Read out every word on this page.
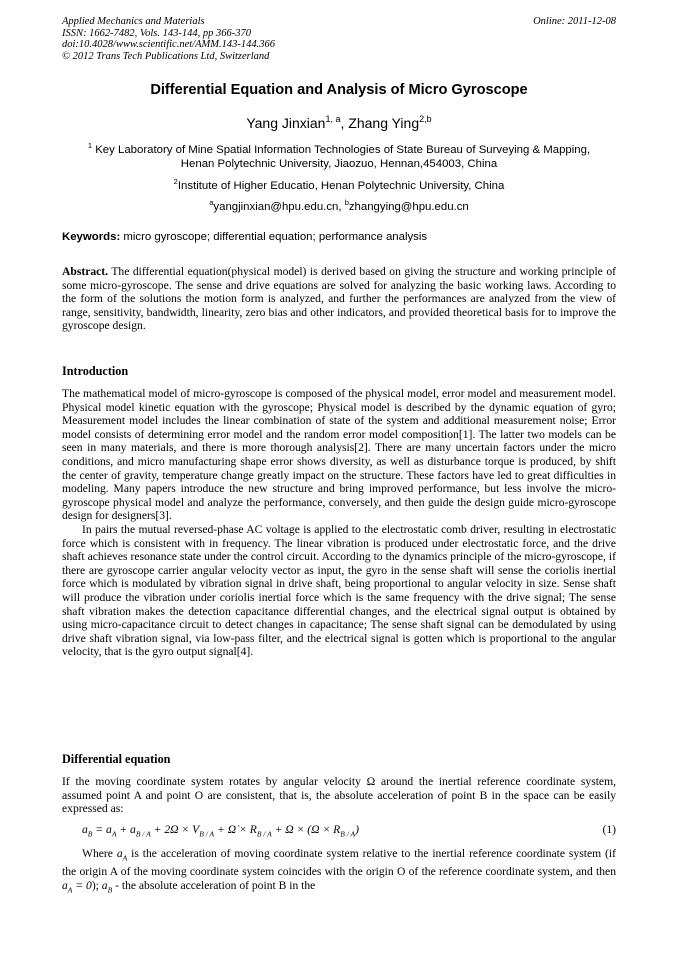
Applied Mechanics and Materials
ISSN: 1662-7482, Vols. 143-144, pp 366-370
doi:10.4028/www.scientific.net/AMM.143-144.366
© 2012 Trans Tech Publications Ltd, Switzerland
Online: 2011-12-08
Differential Equation and Analysis of Micro Gyroscope
Yang Jinxian$^{1, a}$, Zhang Ying$^{2,b}$
$^1$ Key Laboratory of Mine Spatial Information Technologies of State Bureau of Surveying & Mapping,
Henan Polytechnic University, Jiaozuo, Hennan,454003, China
$^2$Institute of Higher Educatio, Henan Polytechnic University, China
$^a$yangjinxian@hpu.edu.cn, $^b$zhangying@hpu.edu.cn
Keywords: micro gyroscope; differential equation; performance analysis

Abstract. The differential equation(physical model) is derived based on giving the structure and working principle of some micro-gyroscope. The sense and drive equations are solved for analyzing the basic working laws. According to the form of the solutions the motion form is analyzed, and further the performances are analyzed from the view of range, sensitivity, bandwidth, linearity, zero bias and other indicators, and provided theoretical basis for to improve the gyroscope design.

Introduction

The mathematical model of micro-gyroscope is composed of the physical model, error model and measurement model. Physical model kinetic equation with the gyroscope; Physical model is described by the dynamic equation of gyro; Measurement model includes the linear combination of state of the system and additional measurement noise; Error model consists of determining error model and the random error model composition[1]. The latter two models can be seen in many materials, and there is more thorough analysis[2]. There are many uncertain factors under the micro conditions, and micro manufacturing shape error shows diversity, as well as disturbance torque is produced, by shift the center of gravity, temperature change greatly impact on the structure. These factors have led to great difficulties in modeling. Many papers introduce the new structure and bring improved performance, but less involve the micro-gyroscope physical model and analyze the performance, conversely, and then guide the design guide micro-gyroscope design for designers[3].

In pairs the mutual reversed-phase AC voltage is applied to the electrostatic comb driver, resulting in electrostatic force which is consistent with in frequency. The linear vibration is produced under electrostatic force, and the drive shaft achieves resonance state under the control circuit. According to the dynamics principle of the micro-gyroscope, if there are gyroscope carrier angular velocity vector as input, the gyro in the sense shaft will sense the coriolis inertial force which is modulated by vibration signal in drive shaft, being proportional to angular velocity in size. Sense shaft will produce the vibration under coriolis inertial force which is the same frequency with the drive signal; The sense shaft vibration makes the detection capacitance differential changes, and the electrical signal output is obtained by using micro-capacitance circuit to detect changes in capacitance; The sense shaft signal can be demodulated by using drive shaft vibration signal, via low-pass filter, and the electrical signal is gotten which is proportional to the angular velocity, that is the gyro output signal[4].

Differential equation
If the moving coordinate system rotates by angular velocity Ω around the inertial reference coordinate system, assumed point A and point O are consistent, that is, the absolute acceleration of point B in the space can be easily expressed as:
$a_B = a_A + a_{B / A} + 2\Omega \times V_{B / A}$ + Ω̇ × $R_{B / A} + \Omega \times (\Omega \times R_{B / A})$	(1)

Where $a_A$ is the acceleration of moving coordinate system relative to the inertial reference coordinate system (if the origin A of the moving coordinate system coincides with the origin O of the reference coordinate system, and then $a_A = 0$); $a_B$ - the absolute acceleration of point B in the
